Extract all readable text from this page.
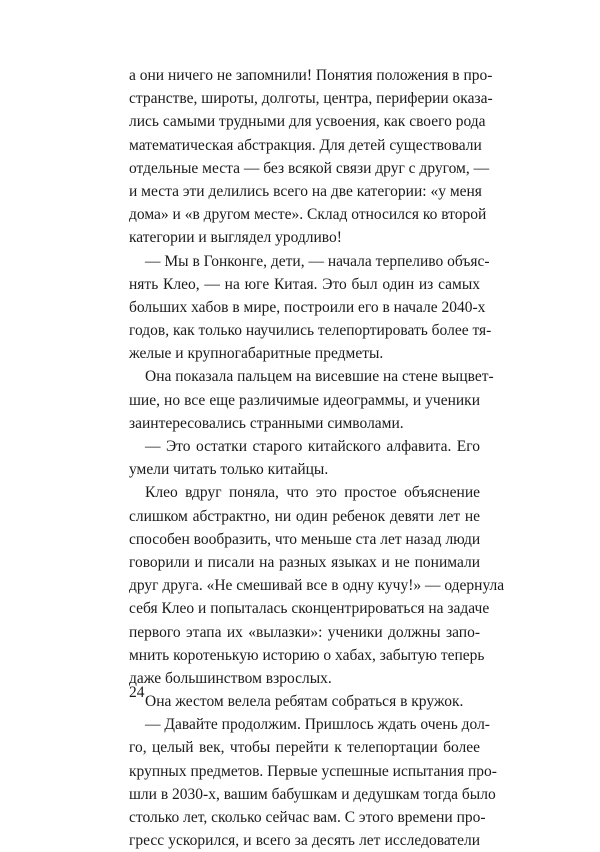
а они ничего не запомнили! Понятия положения в про-
странстве, широты, долготы, центра, периферии оказа-
лись самыми трудными для усвоения, как своего рода
математическая абстракция. Для детей существовали
отдельные места — без всякой связи друг с другом, —
и места эти делились всего на две категории: «у меня
дома» и «в другом месте». Склад относился ко второй
категории и выглядел уродливо!
— Мы в Гонконге, дети, — начала терпеливо объяс-
нять Клео, — на юге Китая. Это был один из самых
больших хабов в мире, построили его в начале 2040-х
годов, как только научились телепортировать более тя-
желые и крупногабаритные предметы.
Она показала пальцем на висевшие на стене выцвет-
шие, но все еще различимые идеограммы, и ученики
заинтересовались странными символами.
— Это остатки старого китайского алфавита. Его
умели читать только китайцы.
Клео вдруг поняла, что это простое объяснение
слишком абстрактно, ни один ребенок девяти лет не
способен вообразить, что меньше ста лет назад люди
говорили и писали на разных языках и не понимали
друг друга. «Не смешивай все в одну кучу!» — одернула
себя Клео и попыталась сконцентрироваться на задаче
первого этапа их «вылазки»: ученики должны запо-
мнить коротенькую историю о хабах, забытую теперь
даже большинством взрослых.
Она жестом велела ребятам собраться в кружок.
— Давайте продолжим. Пришлось ждать очень дол-
го, целый век, чтобы перейти к телепортации более
крупных предметов. Первые успешные испытания про-
шли в 2030-х, вашим бабушкам и дедушкам тогда было
столько лет, сколько сейчас вам. С этого времени про-
гресс ускорился, и всего за десять лет исследователи
24
